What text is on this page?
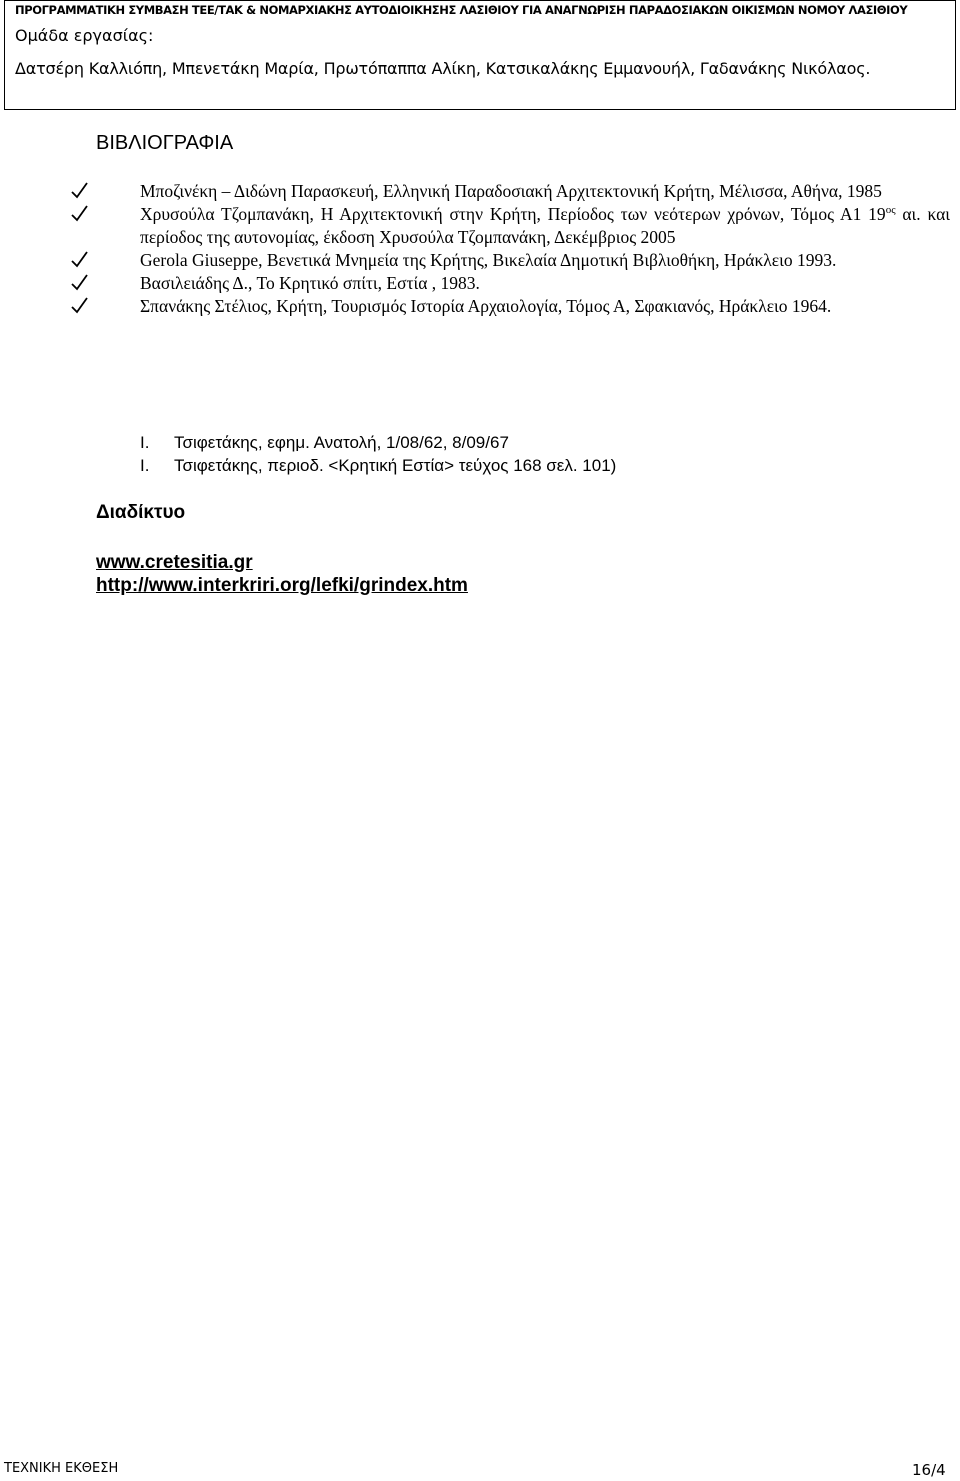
ΠΡΟΓΡΑΜΜΑΤΙΚΗ ΣΥΜΒΑΣΗ ΤΕΕ/ΤΑΚ & ΝΟΜΑΡΧΙΑΚΗΣ ΑΥΤΟΔΙΟΙΚΗΣΗΣ ΛΑΣΙΘΙΟΥ ΓΙΑ ΑΝΑΓΝΩΡΙΣΗ ΠΑΡΑΔΟΣΙΑΚΩΝ ΟΙΚΙΣΜΩΝ ΝΟΜΟΥ ΛΑΣΙΘΙΟΥ
Ομάδα εργασίας:
Δατσέρη Καλλιόπη, Μπενετάκη Μαρία, Πρωτόπαππα Αλίκη, Κατσικαλάκης Εμμανουήλ, Γαδανάκης Νικόλαος.
ΒΙΒΛΙΟΓΡΑΦΙΑ
Μποζινέκη – Διδώνη Παρασκευή, Ελληνική Παραδοσιακή Αρχιτεκτονική Κρήτη, Μέλισσα, Αθήνα, 1985
Χρυσούλα Τζομπανάκη, Η Αρχιτεκτονική στην Κρήτη, Περίοδος των νεότερων χρόνων, Τόμος Α1 $19^{o\varsigma}$ αι. και περίοδος της αυτονομίας, έκδοση Χρυσούλα Τζομπανάκη, Δεκέμβριος 2005
Gerola Giuseppe, Βενετικά Μνημεία της Κρήτης, Βικελαία Δημοτική Βιβλιοθήκη, Ηράκλειο 1993.
Βασιλειάδης Δ., Το Κρητικό σπίτι, Εστία , 1983.
Σπανάκης Στέλιος, Κρήτη, Τουρισμός Ιστορία Αρχαιολογία, Τόμος Α, Σφακιανός, Ηράκλειο 1964.
Ι. Τσιφετάκης, εφημ. Ανατολή, 1/08/62, 8/09/67
Ι. Τσιφετάκης, περιοδ. <Κρητική Εστία> τεύχος 168 σελ. 101)
Διαδίκτυο
www.cretesitia.gr
http://www.interkriri.org/lefki/grindex.htm
ΤΕΧΝΙΚΗ ΕΚΘΕΣΗ	16/4
